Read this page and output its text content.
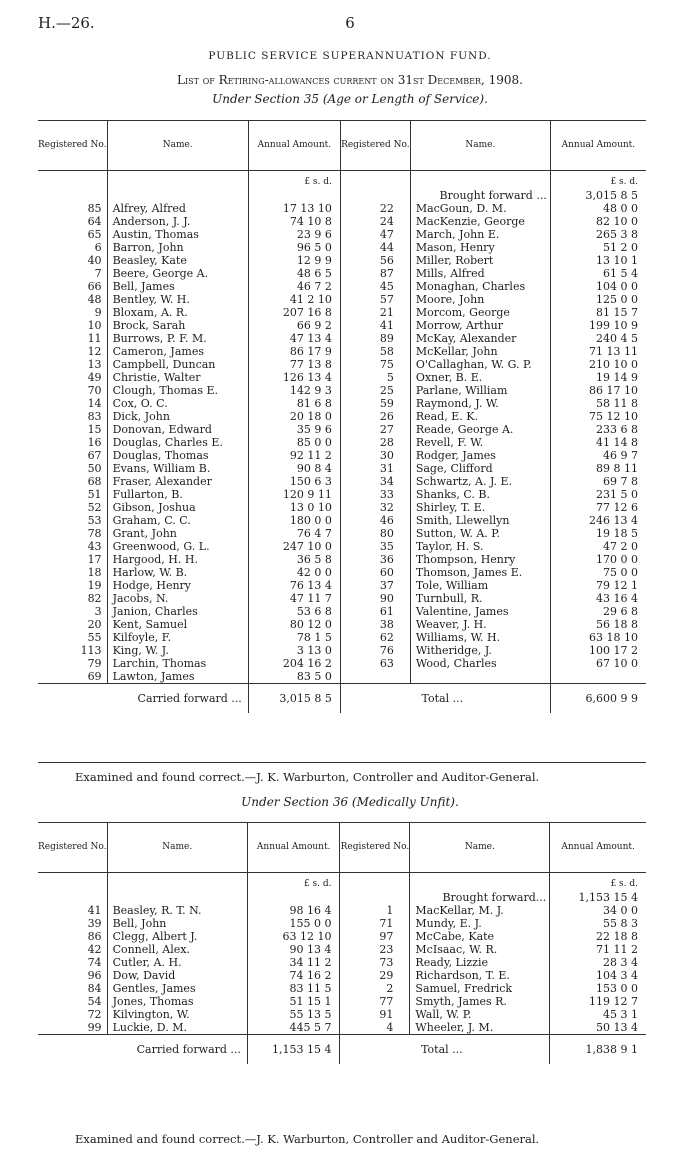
H.—26.	6
PUBLIC SERVICE SUPERANNUATION FUND.
List of Retiring-allowances current on 31st December, 1908.
Under Section 35 (Age or Length of Service).
Registered No.	Name.	Annual Amount.	Registered No.	Name.	Annual Amount.
		£ s. d.			£ s. d.
				Brought forward ...	3,015 8 5
85	Alfrey, Alfred	17 13 10	22	MacGoun, D. M.	48 0 0
64	Anderson, J. J.	74 10 8	24	MacKenzie, George	82 10 0
65	Austin, Thomas	23 9 6	47	March, John E.	265 3 8
6	Barron, John	96 5 0	44	Mason, Henry	51 2 0
40	Beasley, Kate	12 9 9	56	Miller, Robert	13 10 1
7	Beere, George A.	48 6 5	87	Mills, Alfred	61 5 4
66	Bell, James	46 7 2	45	Monaghan, Charles	104 0 0
48	Bentley, W. H.	41 2 10	57	Moore, John	125 0 0
9	Bloxam, A. R.	207 16 8	21	Morcom, George	81 15 7
10	Brock, Sarah	66 9 2	41	Morrow, Arthur	199 10 9
11	Burrows, P. F. M.	47 13 4	89	McKay, Alexander	240 4 5
12	Cameron, James	86 17 9	58	McKellar, John	71 13 11
13	Campbell, Duncan	77 13 8	75	O'Callaghan, W. G. P.	210 10 0
49	Christie, Walter	126 13 4	5	Oxner, B. E.	19 14 9
70	Clough, Thomas E.	142 9 3	25	Parlane, William	86 17 10
14	Cox, O. C.	81 6 8	59	Raymond, J. W.	58 11 8
83	Dick, John	20 18 0	26	Read, E. K.	75 12 10
15	Donovan, Edward	35 9 6	27	Reade, George A.	233 6 8
16	Douglas, Charles E.	85 0 0	28	Revell, F. W.	41 14 8
67	Douglas, Thomas	92 11 2	30	Rodger, James	46 9 7
50	Evans, William B.	90 8 4	31	Sage, Clifford	89 8 11
68	Fraser, Alexander	150 6 3	34	Schwartz, A. J. E.	69 7 8
51	Fullarton, B.	120 9 11	33	Shanks, C. B.	231 5 0
52	Gibson, Joshua	13 0 10	32	Shirley, T. E.	77 12 6
53	Graham, C. C.	180 0 0	46	Smith, Llewellyn	246 13 4
78	Grant, John	76 4 7	80	Sutton, W. A. P.	19 18 5
43	Greenwood, G. L.	247 10 0	35	Taylor, H. S.	47 2 0
17	Hargood, H. H.	36 5 8	36	Thompson, Henry	170 0 0
18	Harlow, W. B.	42 0 0	60	Thomson, James E.	75 0 0
19	Hodge, Henry	76 13 4	37	Tole, William	79 12 1
82	Jacobs, N.	47 11 7	90	Turnbull, R.	43 16 4
3	Janion, Charles	53 6 8	61	Valentine, James	29 6 8
20	Kent, Samuel	80 12 0	38	Weaver, J. H.	56 18 8
55	Kilfoyle, F.	78 1 5	62	Williams, W. H.	63 18 10
113	King, W. J.	3 13 0	76	Witheridge, J.	100 17 2
79	Larchin, Thomas	204 16 2	63	Wood, Charles	67 10 0
69	Lawton, James	83 5 0			
Carried forward ...		3,015 8 5	Total ...		6,600 9 9
Examined and found correct.—J. K. Warburton, Controller and Auditor-General.
Under Section 36 (Medically Unfit).
Registered No.	Name.	Annual Amount.	Registered No.	Name.	Annual Amount.
		£ s. d.			£ s. d.
				Brought forward...	1,153 15 4
41	Beasley, R. T. N.	98 16 4	1	MacKellar, M. J.	34 0 0
39	Bell, John	155 0 0	71	Mundy, E. J.	55 8 3
86	Clegg, Albert J.	63 12 10	97	McCabe, Kate	22 18 8
42	Connell, Alex.	90 13 4	23	McIsaac, W. R.	71 11 2
74	Cutler, A. H.	34 11 2	73	Ready, Lizzie	28 3 4
96	Dow, David	74 16 2	29	Richardson, T. E.	104 3 4
84	Gentles, James	83 11 5	2	Samuel, Fredrick	153 0 0
54	Jones, Thomas	51 15 1	77	Smyth, James R.	119 12 7
72	Kilvington, W.	55 13 5	91	Wall, W. P.	45 3 1
99	Luckie, D. M.	445 5 7	4	Wheeler, J. M.	50 13 4
Carried forward ...		1,153 15 4	Total ...		1,838 9 1
Examined and found correct.—J. K. Warburton, Controller and Auditor-General.
